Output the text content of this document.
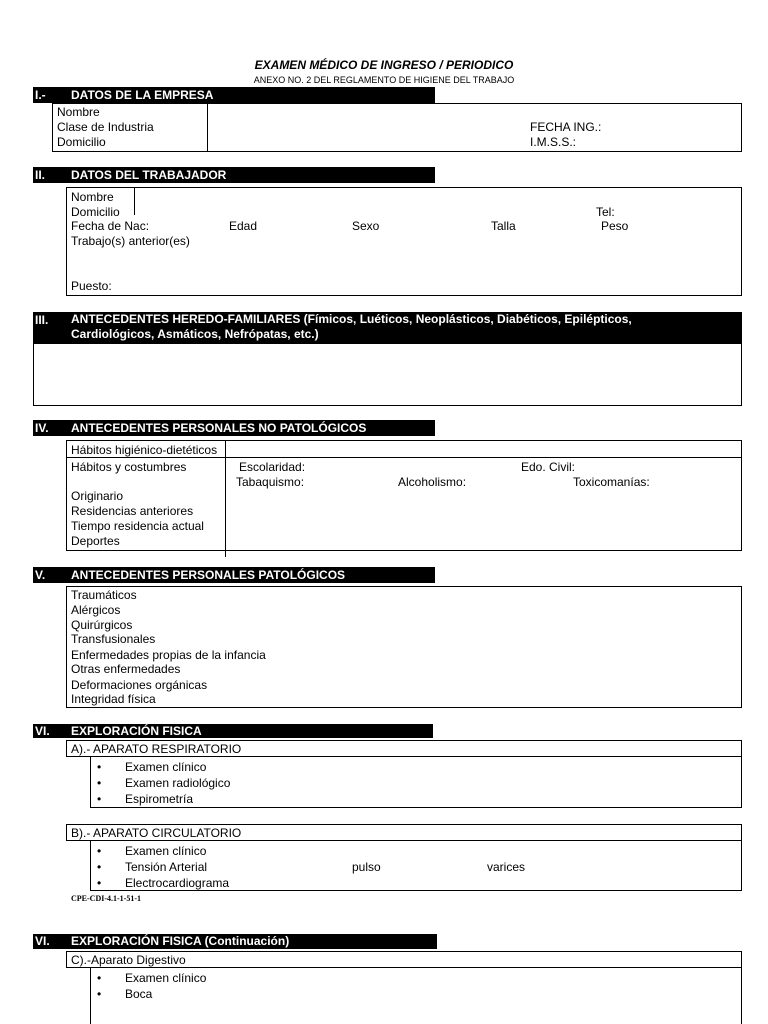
EXAMEN MÉDICO DE INGRESO / PERIODICO
ANEXO NO. 2 DEL REGLAMENTO DE HIGIENE DEL TRABAJO
I.- DATOS DE LA EMPRESA
Nombre
Clase de Industria
Domicilio
FECHA ING.:
I.M.S.S.:
II. DATOS DEL TRABAJADOR
Nombre
Domicilio	Tel:
Fecha de Nac:	Edad	Sexo	Talla	Peso
Trabajo(s) anterior(es)
Puesto:
III. ANTECEDENTES HEREDO-FAMILIARES (Fímicos, Luéticos, Neoplásticos, Diabéticos, Epilépticos,
Cardiológicos, Asmáticos, Nefrópatas, etc.)
IV. ANTECEDENTES PERSONALES NO PATOLÓGICOS
Hábitos higiénico-dietéticos
Hábitos y costumbres	Escolaridad:	Edo. Civil:
Tabaquismo:	Alcoholismo:	Toxicomanías:
Originario
Residencias anteriores
Tiempo residencia actual
Deportes
V. ANTECEDENTES PERSONALES PATOLÓGICOS
Traumáticos
Alérgicos
Quirúrgicos
Transfusionales
Enfermedades propias de la infancia
Otras enfermedades
Deformaciones orgánicas
Integridad física
VI. EXPLORACIÓN FISICA
A).- APARATO RESPIRATORIO
• Examen clínico
• Examen radiológico
• Espirometría
B).- APARATO CIRCULATORIO
• Examen clínico
• Tensión Arterial	pulso	varices
• Electrocardiograma
CPE-CDI-4.1-1-51-1
VI. EXPLORACIÓN FISICA (Continuación)
C).-Aparato Digestivo
• Examen clínico
• Boca
